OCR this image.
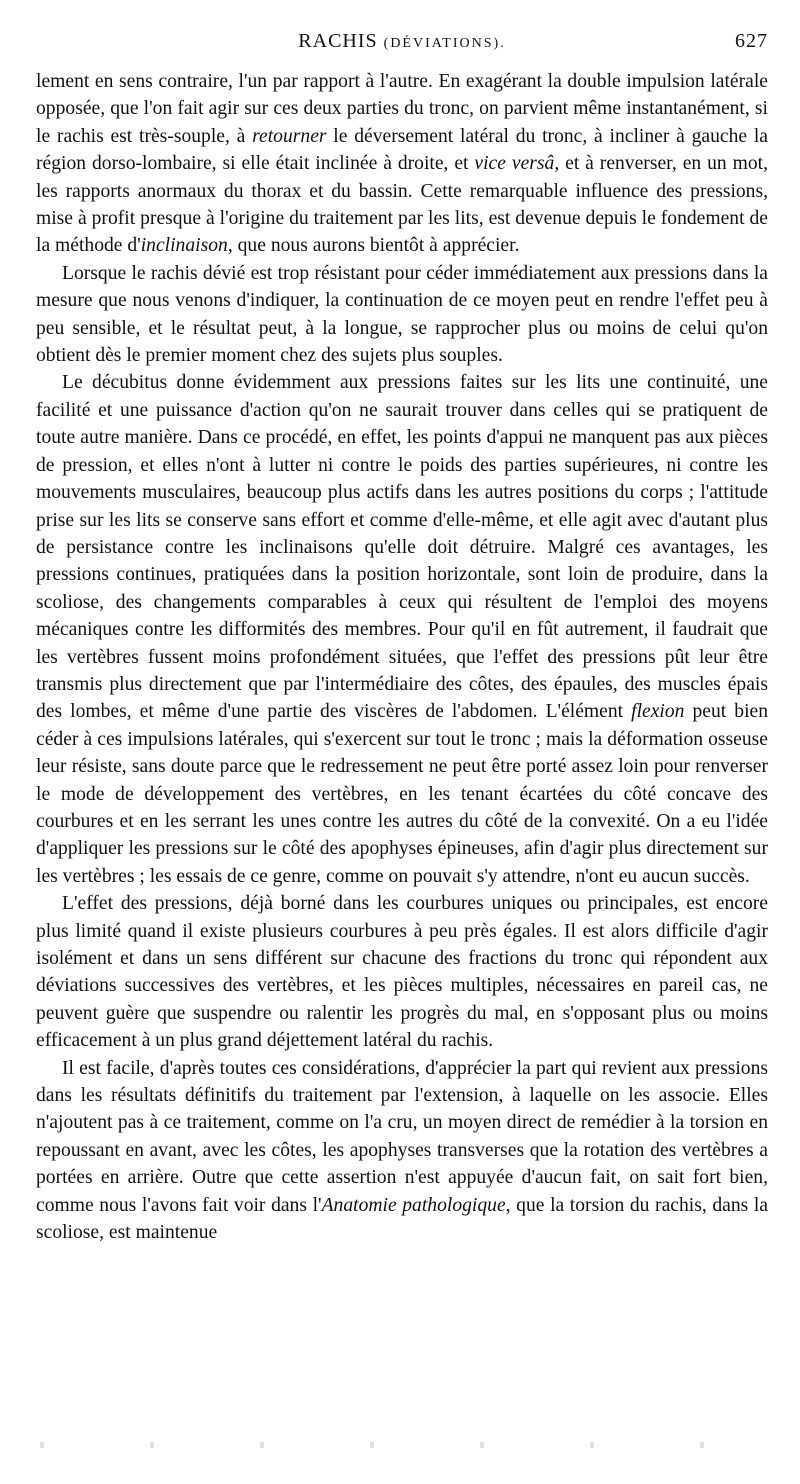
RACHIS (DÉVIATIONS).	627

lement en sens contraire, l'un par rapport à l'autre. En exagérant la double impulsion latérale opposée, que l'on fait agir sur ces deux parties du tronc, on parvient même instantanément, si le rachis est très-souple, à retourner le déversement latéral du tronc, à incliner à gauche la région dorso-lombaire, si elle était inclinée à droite, et vice versâ, et à renverser, en un mot, les rapports anormaux du thorax et du bassin. Cette remarquable influence des pressions, mise à profit presque à l'origine du traitement par les lits, est devenue depuis le fondement de la méthode d'inclinaison, que nous aurons bientôt à apprécier.

Lorsque le rachis dévié est trop résistant pour céder immédiatement aux pressions dans la mesure que nous venons d'indiquer, la continuation de ce moyen peut en rendre l'effet peu à peu sensible, et le résultat peut, à la longue, se rapprocher plus ou moins de celui qu'on obtient dès le premier moment chez des sujets plus souples.

Le décubitus donne évidemment aux pressions faites sur les lits une continuité, une facilité et une puissance d'action qu'on ne saurait trouver dans celles qui se pratiquent de toute autre manière. Dans ce procédé, en effet, les points d'appui ne manquent pas aux pièces de pression, et elles n'ont à lutter ni contre le poids des parties supérieures, ni contre les mouvements musculaires, beaucoup plus actifs dans les autres positions du corps ; l'attitude prise sur les lits se conserve sans effort et comme d'elle-même, et elle agit avec d'autant plus de persistance contre les inclinaisons qu'elle doit détruire. Malgré ces avantages, les pressions continues, pratiquées dans la position horizontale, sont loin de produire, dans la scoliose, des changements comparables à ceux qui résultent de l'emploi des moyens mécaniques contre les difformités des membres. Pour qu'il en fût autrement, il faudrait que les vertèbres fussent moins profondément situées, que l'effet des pressions pût leur être transmis plus directement que par l'intermédiaire des côtes, des épaules, des muscles épais des lombes, et même d'une partie des viscères de l'abdomen. L'élément flexion peut bien céder à ces impulsions latérales, qui s'exercent sur tout le tronc ; mais la déformation osseuse leur résiste, sans doute parce que le redressement ne peut être porté assez loin pour renverser le mode de développement des vertèbres, en les tenant écartées du côté concave des courbures et en les serrant les unes contre les autres du côté de la convexité. On a eu l'idée d'appliquer les pressions sur le côté des apophyses épineuses, afin d'agir plus directement sur les vertèbres ; les essais de ce genre, comme on pouvait s'y attendre, n'ont eu aucun succès.

L'effet des pressions, déjà borné dans les courbures uniques ou principales, est encore plus limité quand il existe plusieurs courbures à peu près égales. Il est alors difficile d'agir isolément et dans un sens différent sur chacune des fractions du tronc qui répondent aux déviations successives des vertèbres, et les pièces multiples, nécessaires en pareil cas, ne peuvent guère que suspendre ou ralentir les progrès du mal, en s'opposant plus ou moins efficacement à un plus grand déjettement latéral du rachis.

Il est facile, d'après toutes ces considérations, d'apprécier la part qui revient aux pressions dans les résultats définitifs du traitement par l'extension, à laquelle on les associe. Elles n'ajoutent pas à ce traitement, comme on l'a cru, un moyen direct de remédier à la torsion en repoussant en avant, avec les côtes, les apophyses transverses que la rotation des vertèbres a portées en arrière. Outre que cette assertion n'est appuyée d'aucun fait, on sait fort bien, comme nous l'avons fait voir dans l'Anatomie pathologique, que la torsion du rachis, dans la scoliose, est maintenue
